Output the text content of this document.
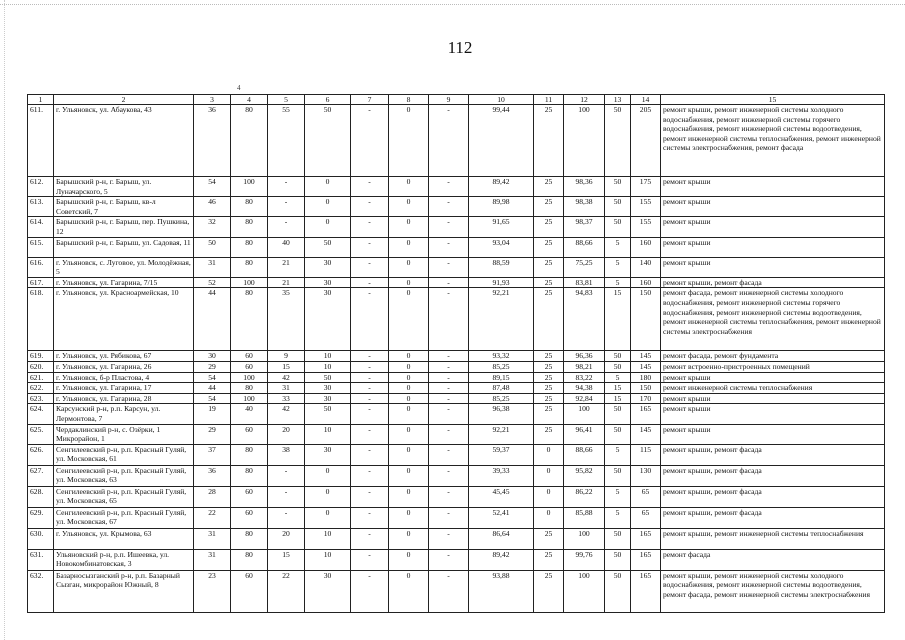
112
4
1	2	3	4	5	6	7	8	9	10	11	12	13	14	15
611.	г. Ульяновск, ул. Абаукова, 43	36	80	55	50	-	0	-	99,44	25	100	50	205	ремонт крыши, ремонт инженерной системы холодного водоснабжения, ремонт инженерной системы горячего водоснабжения, ремонт инженерной системы водоотведения, ремонт инженерной системы теплоснабжения, ремонт инженерной системы электроснабжения, ремонт фасада
612.	Барышский р-н, г. Барыш, ул. Луначарского, 5	54	100	-	0	-	0	-	89,42	25	98,36	50	175	ремонт крыши
613.	Барышский р-н, г. Барыш, кв-л Советский, 7	46	80	-	0	-	0	-	89,98	25	98,38	50	155	ремонт крыши
614.	Барышский р-н, г. Барыш, пер. Пушкина, 12	32	80	-	0	-	0	-	91,65	25	98,37	50	155	ремонт крыши
615.	Барышский р-н, г. Барыш, ул. Садовая, 11	50	80	40	50	-	0	-	93,04	25	88,66	5	160	ремонт крыши
616.	г. Ульяновск, с. Луговое, ул. Молодёжная, 5	31	80	21	30	-	0	-	88,59	25	75,25	5	140	ремонт крыши
617.	г. Ульяновск, ул. Гагарина, 7/15	52	100	21	30	-	0	-	91,93	25	83,81	5	160	ремонт крыши, ремонт фасада
618.	г. Ульяновск, ул. Красноармейская, 10	44	80	35	30	-	0	-	92,21	25	94,83	15	150	ремонт фасада, ремонт инженерной системы холодного водоснабжения, ремонт инженерной системы горячего водоснабжения, ремонт инженерной системы водоотведения, ремонт инженерной системы теплоснабжения, ремонт инженерной системы электроснабжения
619.	г. Ульяновск, ул. Рябикова, 67	30	60	9	10	-	0	-	93,32	25	96,36	50	145	ремонт фасада, ремонт фундамента
620.	г. Ульяновск, ул. Гагарина, 26	29	60	15	10	-	0	-	85,25	25	98,21	50	145	ремонт встроенно-пристроенных помещений
621.	г. Ульяновск, б-р Пластова, 4	54	100	42	50	-	0	-	89,15	25	83,22	5	180	ремонт крыши
622.	г. Ульяновск, ул. Гагарина, 17	44	80	31	30	-	0	-	87,48	25	94,38	15	150	ремонт инженерной системы теплоснабжения
623.	г. Ульяновск, ул. Гагарина, 28	54	100	33	30	-	0	-	85,25	25	92,84	15	170	ремонт крыши
624.	Карсунский р-н, р.п. Карсун, ул. Лермонтова, 7	19	40	42	50	-	0	-	96,38	25	100	50	165	ремонт крыши
625.	Чердаклинский р-н, с. Озёрки, 1 Микрорайон, 1	29	60	20	10	-	0	-	92,21	25	96,41	50	145	ремонт крыши
626.	Сенгилеевский р-н, р.п. Красный Гуляй, ул. Московская, 61	37	80	38	30	-	0	-	59,37	0	88,66	5	115	ремонт крыши, ремонт фасада
627.	Сенгилеевский р-н, р.п. Красный Гуляй, ул. Московская, 63	36	80	-	0	-	0	-	39,33	0	95,82	50	130	ремонт крыши, ремонт фасада
628.	Сенгилеевский р-н, р.п. Красный Гуляй, ул. Московская, 65	28	60	-	0	-	0	-	45,45	0	86,22	5	65	ремонт крыши, ремонт фасада
629.	Сенгилеевский р-н, р.п. Красный Гуляй, ул. Московская, 67	22	60	-	0	-	0	-	52,41	0	85,88	5	65	ремонт крыши, ремонт фасада
630.	г. Ульяновск, ул. Крымова, 63	31	80	20	10	-	0	-	86,64	25	100	50	165	ремонт крыши, ремонт инженерной системы теплоснабжения
631.	Ульяновский р-н, р.п. Ишеевка, ул. Новокомбинатовская, 3	31	80	15	10	-	0	-	89,42	25	99,76	50	165	ремонт фасада
632.	Базарносызганский р-н, р.п. Базарный Сызган, микрорайон Южный, 8	23	60	22	30	-	0	-	93,88	25	100	50	165	ремонт крыши, ремонт инженерной системы холодного водоснабжения, ремонт инженерной системы водоотведения, ремонт фасада, ремонт инженерной системы электроснабжения
